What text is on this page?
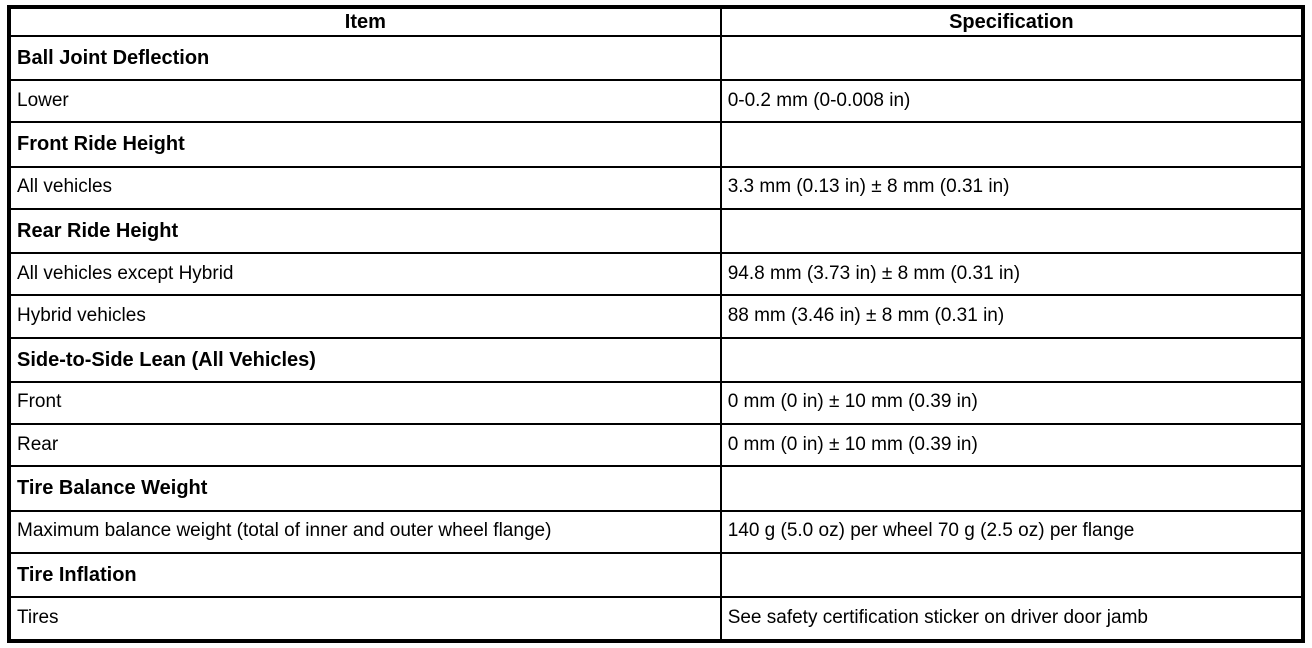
Item	Specification
Ball Joint Deflection	
Lower	0-0.2 mm (0-0.008 in)
Front Ride Height	
All vehicles	3.3 mm (0.13 in) ± 8 mm (0.31 in)
Rear Ride Height	
All vehicles except Hybrid	94.8 mm (3.73 in) ± 8 mm (0.31 in)
Hybrid vehicles	88 mm (3.46 in) ± 8 mm (0.31 in)
Side-to-Side Lean (All Vehicles)	
Front	0 mm (0 in) ± 10 mm (0.39 in)
Rear	0 mm (0 in) ± 10 mm (0.39 in)
Tire Balance Weight	
Maximum balance weight (total of inner and outer wheel flange)	140 g (5.0 oz) per wheel 70 g (2.5 oz) per flange
Tire Inflation	
Tires	See safety certification sticker on driver door jamb
